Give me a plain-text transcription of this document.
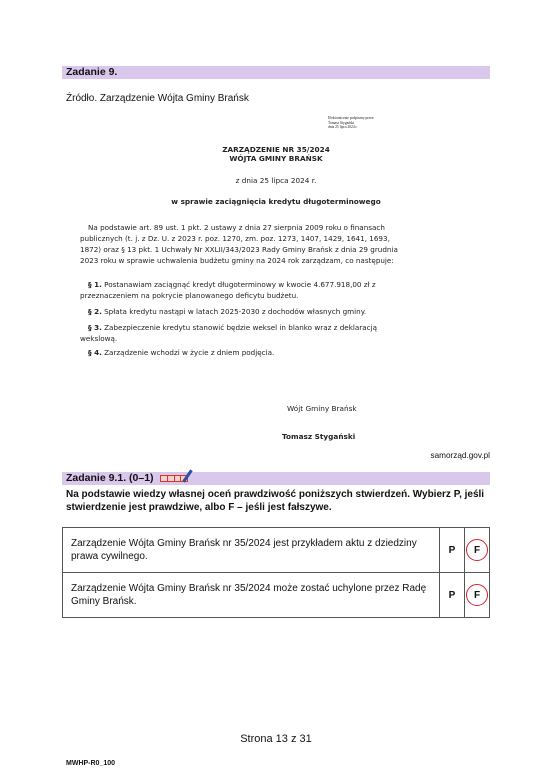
Zadanie 9.
Źródło. Zarządzenie Wójta Gminy Brańsk
Elektronicznie podpisany przez:
Tomasz Stygański
dnia 25 lipca 2024 r.
ZARZĄDZENIE NR 35/2024
WÓJTA GMINY BRAŃSK
z dnia 25 lipca 2024 r.
w sprawie zaciągnięcia kredytu długoterminowego
Na podstawie art. 89 ust. 1 pkt. 2 ustawy z dnia 27 sierpnia 2009 roku o finansach publicznych (t. j. z Dz. U. z 2023 r. poz. 1270, zm. poz. 1273, 1407, 1429, 1641, 1693, 1872) oraz § 13 pkt. 1 Uchwały Nr XXLII/343/2023 Rady Gminy Brańsk z dnia 29 grudnia 2023 roku w sprawie uchwalenia budżetu gminy na 2024 rok zarządzam, co następuje:
§ 1. Postanawiam zaciągnąć kredyt długoterminowy w kwocie 4.677.918,00 zł z przeznaczeniem na pokrycie planowanego deficytu budżetu.
§ 2. Spłata kredytu nastąpi w latach 2025-2030 z dochodów własnych gminy.
§ 3. Zabezpieczenie kredytu stanowić będzie weksel in blanko wraz z deklaracją wekslową.
§ 4. Zarządzenie wchodzi w życie z dniem podjęcia.
Wójt Gminy Brańsk
Tomasz Stygański
samorząd.gov.pl
Zadanie 9.1. (0–1)
Na podstawie wiedzy własnej oceń prawdziwość poniższych stwierdzeń. Wybierz P, jeśli stwierdzenie jest prawdziwe, albo F – jeśli jest fałszywe.
Zarządzenie Wójta Gminy Brańsk nr 35/2024 jest przykładem aktu z dziedziny prawa cywilnego.	P	F
Zarządzenie Wójta Gminy Brańsk nr 35/2024 może zostać uchylone przez Radę Gminy Brańsk.	P	F
Strona 13 z 31
MWHP-R0_100
